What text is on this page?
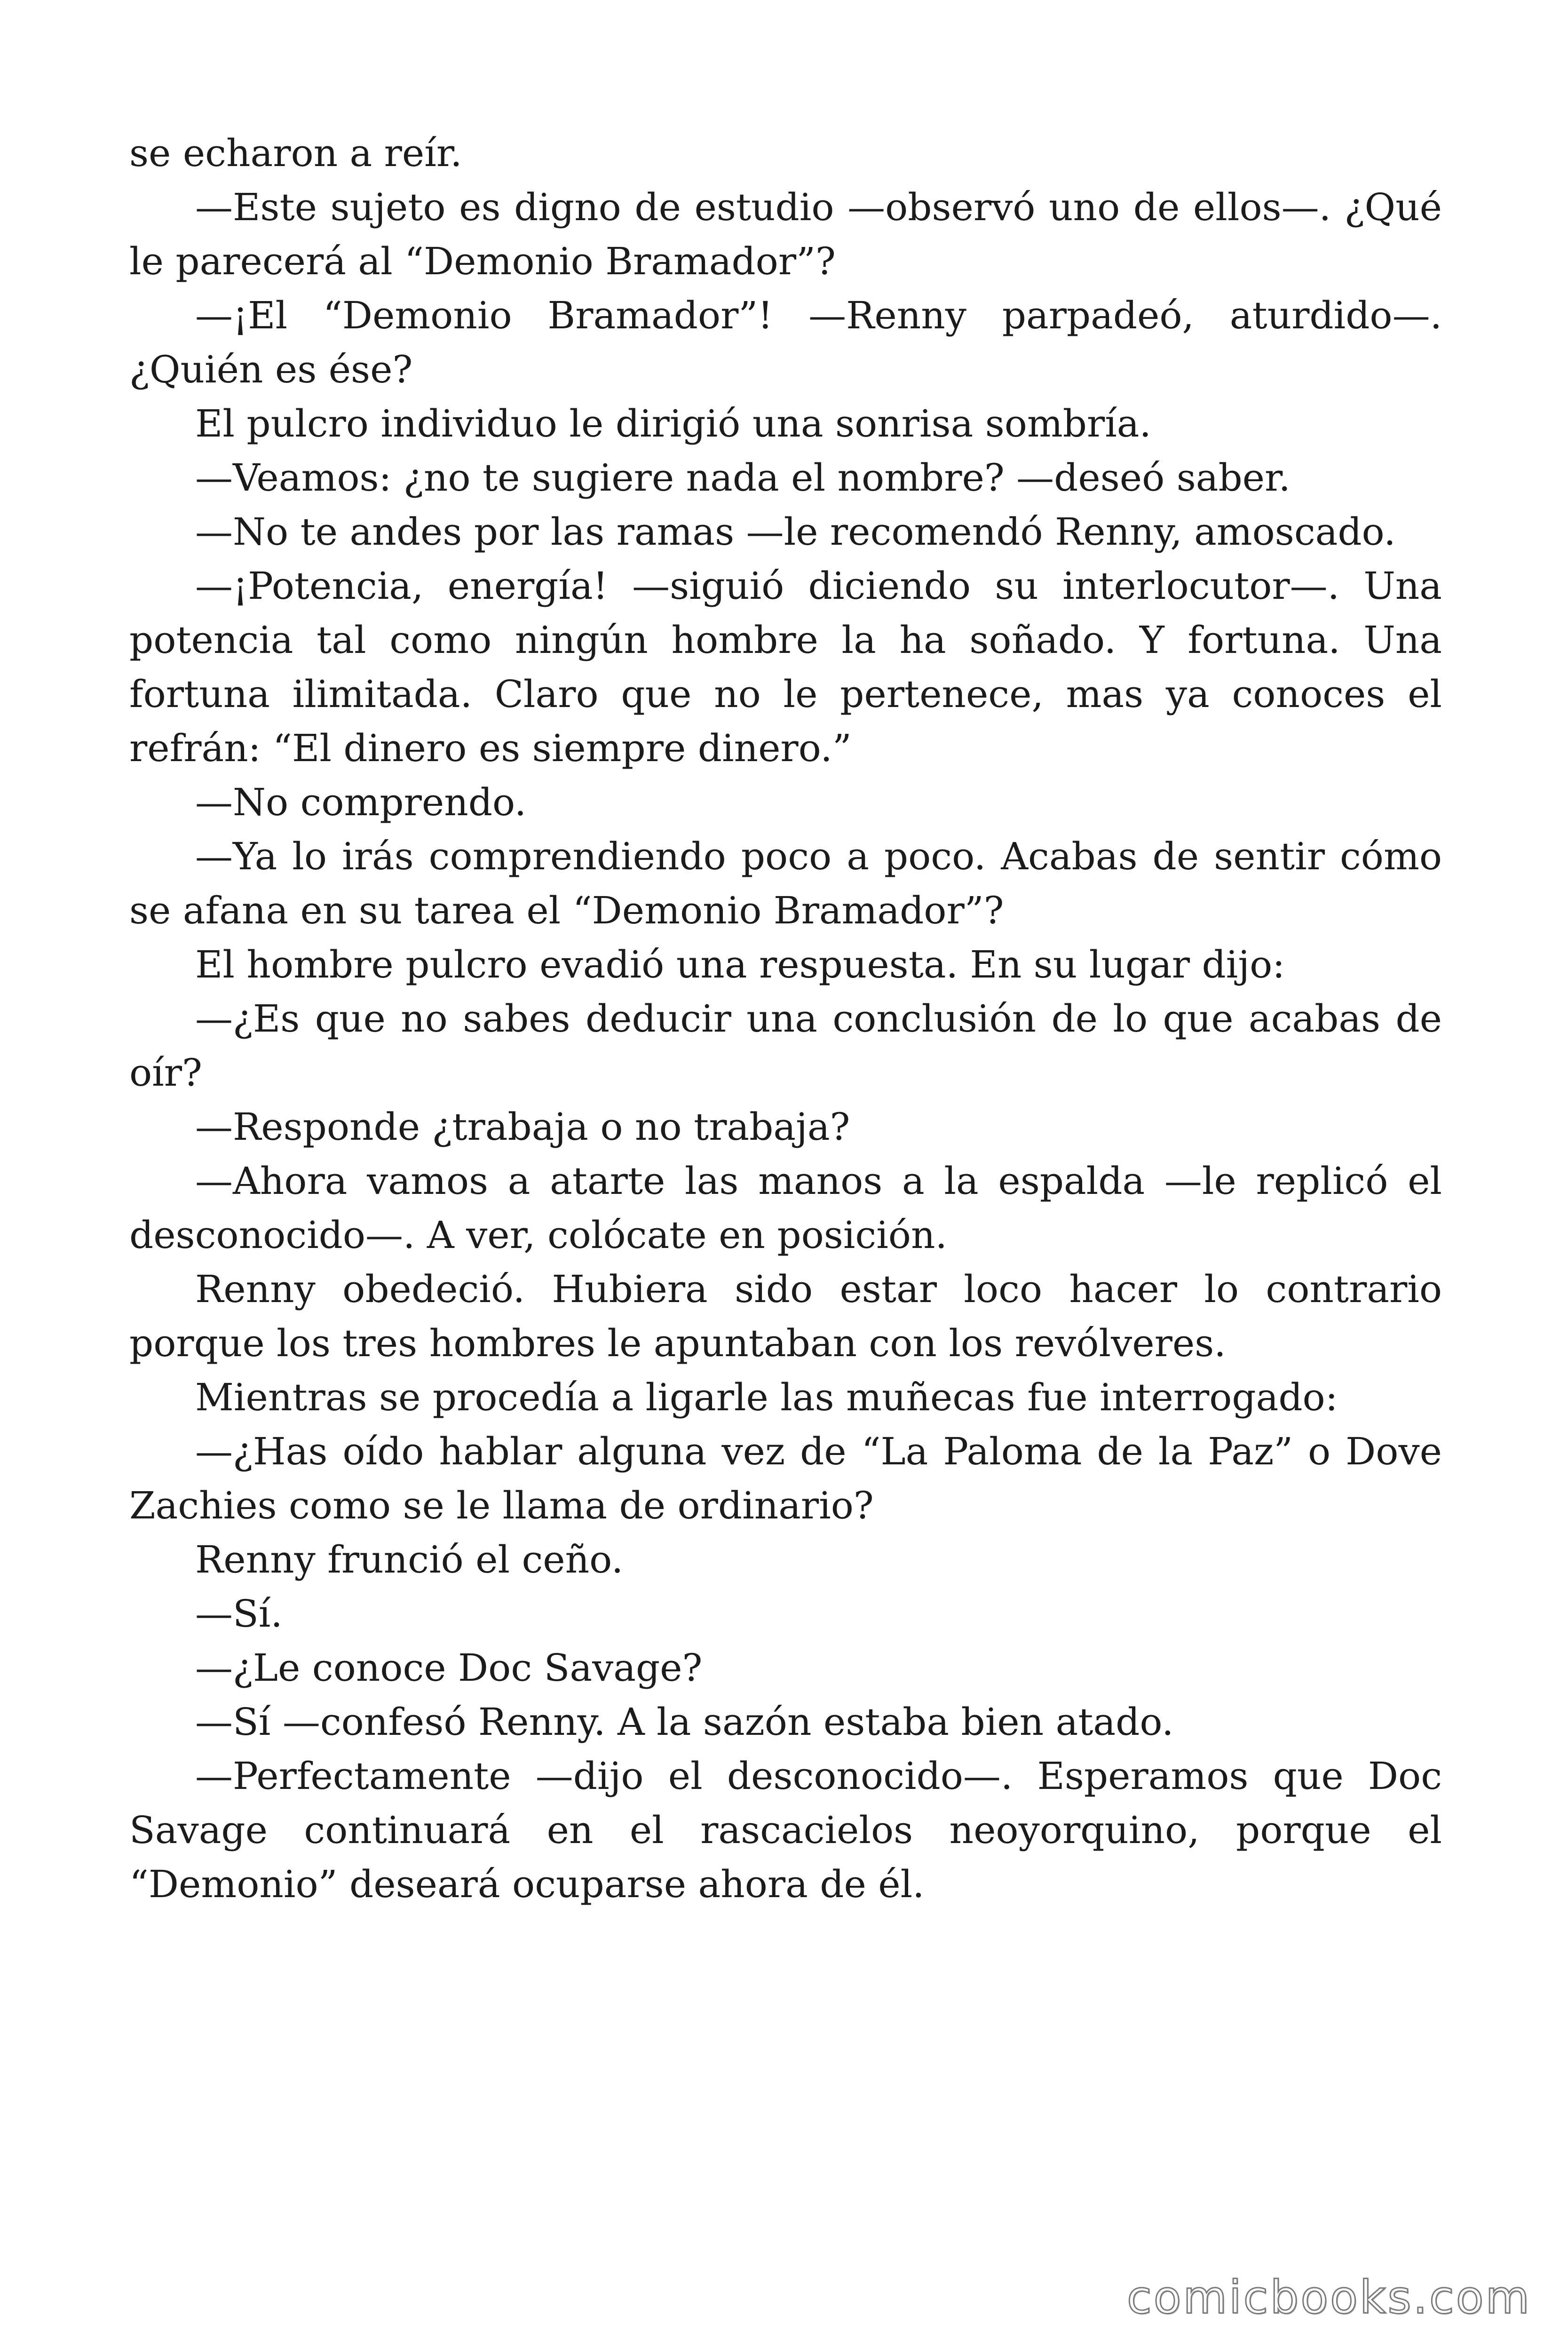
se echaron a reír.

—Este sujeto es digno de estudio —observó uno de ellos—. ¿Qué le parecerá al “Demonio Bramador”?

—¡El “Demonio Bramador”! —Renny parpadeó, aturdido—. ¿Quién es ése?

El pulcro individuo le dirigió una sonrisa sombría.

—Veamos: ¿no te sugiere nada el nombre? —deseó saber.

—No te andes por las ramas —le recomendó Renny, amoscado.

—¡Potencia, energía! —siguió diciendo su interlocutor—. Una potencia tal como ningún hombre la ha soñado. Y fortuna. Una fortuna ilimitada. Claro que no le pertenece, mas ya conoces el refrán: “El dinero es siempre dinero.”

—No comprendo.

—Ya lo irás comprendiendo poco a poco. Acabas de sentir cómo se afana en su tarea el “Demonio Bramador”?

El hombre pulcro evadió una respuesta. En su lugar dijo:

—¿Es que no sabes deducir una conclusión de lo que acabas de oír?

—Responde ¿trabaja o no trabaja?

—Ahora vamos a atarte las manos a la espalda —le replicó el desconocido—. A ver, colócate en posición.

Renny obedeció. Hubiera sido estar loco hacer lo contrario porque los tres hombres le apuntaban con los revólveres.

Mientras se procedía a ligarle las muñecas fue interrogado:

—¿Has oído hablar alguna vez de “La Paloma de la Paz” o Dove Zachies como se le llama de ordinario?

Renny frunció el ceño.

—Sí.

—¿Le conoce Doc Savage?

—Sí —confesó Renny. A la sazón estaba bien atado.

—Perfectamente —dijo el desconocido—. Esperamos que Doc Savage continuará en el rascacielos neoyorquino, porque el “Demonio” deseará ocuparse ahora de él.

comicbooks.com
